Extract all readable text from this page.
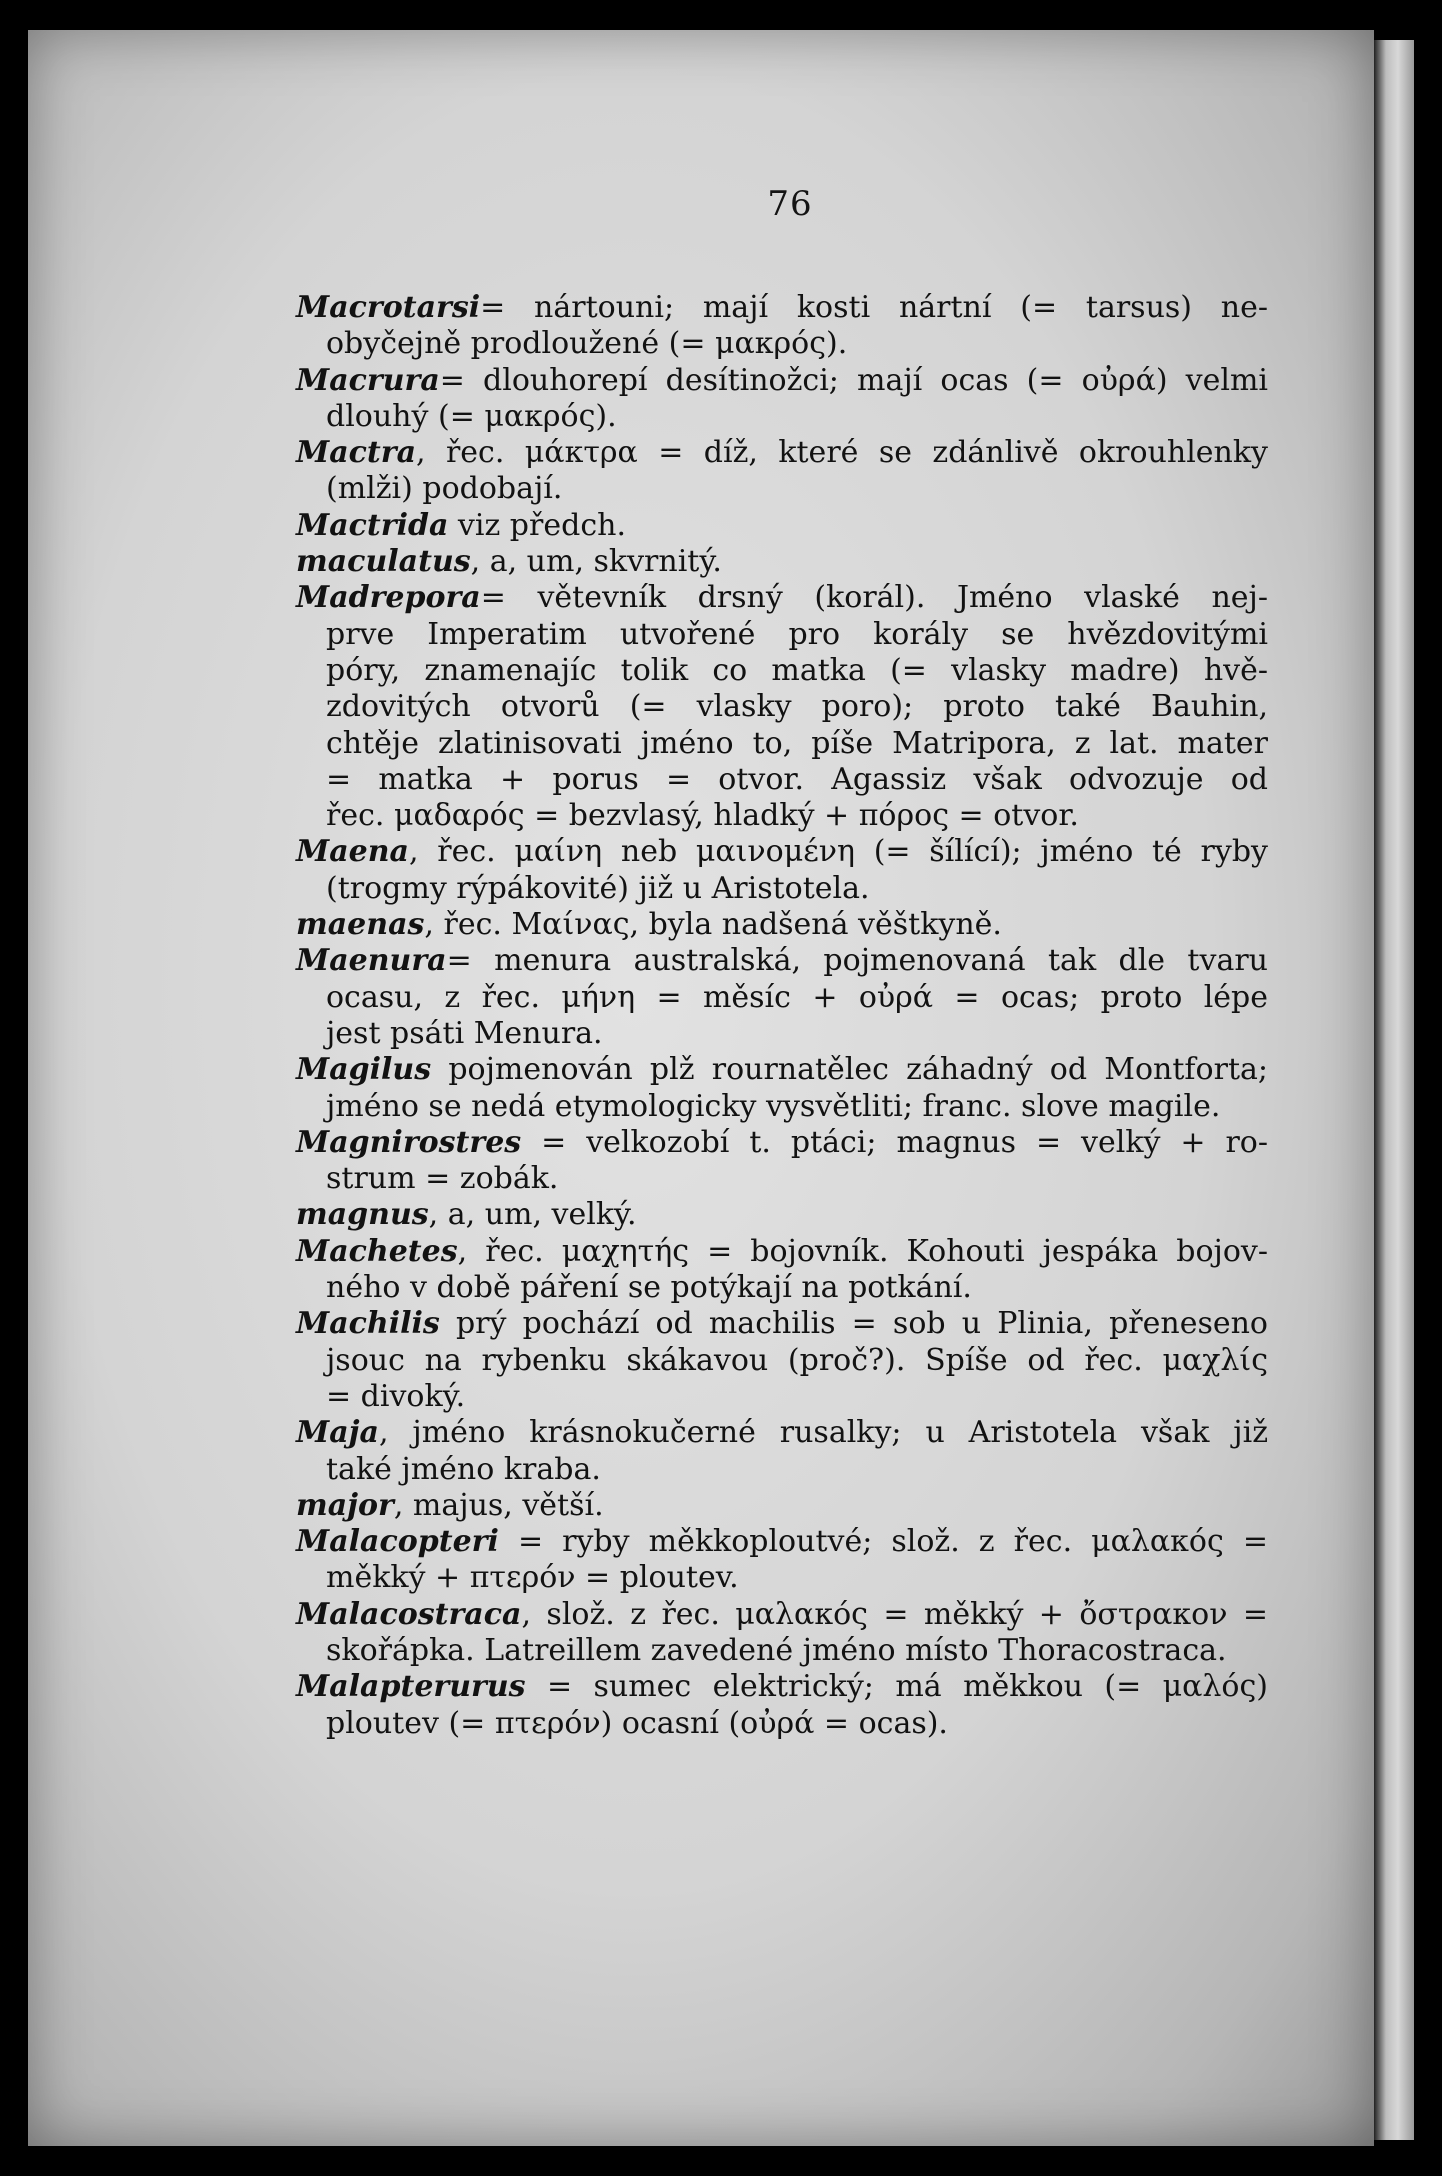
76
Macrotarsi= nártouni; mají kosti nártní (= tarsus) ne-
obyčejně prodloužené (= μακρός).
Macrura= dlouhorepí desítinožci; mají ocas (= οὐρά) velmi
dlouhý (= μακρός).
Mactra, řec. μάκτρα = díž, které se zdánlivě okrouhlenky
(mlži) podobají.
Mactrida viz předch.
maculatus, a, um, skvrnitý.
Madrepora= větevník drsný (korál). Jméno vlaské nej-
prve Imperatim utvořené pro korály se hvězdovitými
póry, znamenajíc tolik co matka (= vlasky madre) hvě-
zdovitých otvorů (= vlasky poro); proto také Bauhin,
chtěje zlatinisovati jméno to, píše Matripora, z lat. mater
= matka + porus = otvor. Agassiz však odvozuje od
řec. μαδαρός = bezvlasý, hladký + πόρος = otvor.
Maena, řec. μαίνη neb μαινομένη (= šílící); jméno té ryby
(trogmy rýpákovité) již u Aristotela.
maenas, řec. Μαίνας, byla nadšená věštkyně.
Maenura= menura australská, pojmenovaná tak dle tvaru
ocasu, z řec. μήνη = měsíc + οὐρά = ocas; proto lépe
jest psáti Menura.
Magilus pojmenován plž rournatělec záhadný od Montforta;
jméno se nedá etymologicky vysvětliti; franc. slove magile.
Magnirostres = velkozobí t. ptáci; magnus = velký + ro-
strum = zobák.
magnus, a, um, velký.
Machetes, řec. μαχητής = bojovník. Kohouti jespáka bojov-
ného v době páření se potýkají na potkání.
Machilis prý pochází od machilis = sob u Plinia, přeneseno
jsouc na rybenku skákavou (proč?). Spíše od řec. μαχλίς
= divoký.
Maja, jméno krásnokučerné rusalky; u Aristotela však již
také jméno kraba.
major, majus, větší.
Malacopteri = ryby měkkoploutvé; slož. z řec. μαλακός =
měkký + πτερόν = ploutev.
Malacostraca, slož. z řec. μαλακός = měkký + ὄστρακον =
skořápka. Latreillem zavedené jméno místo Thoracostraca.
Malapterurus = sumec elektrický; má měkkou (= μαλός)
ploutev (= πτερόν) ocasní (οὐρά = ocas).
